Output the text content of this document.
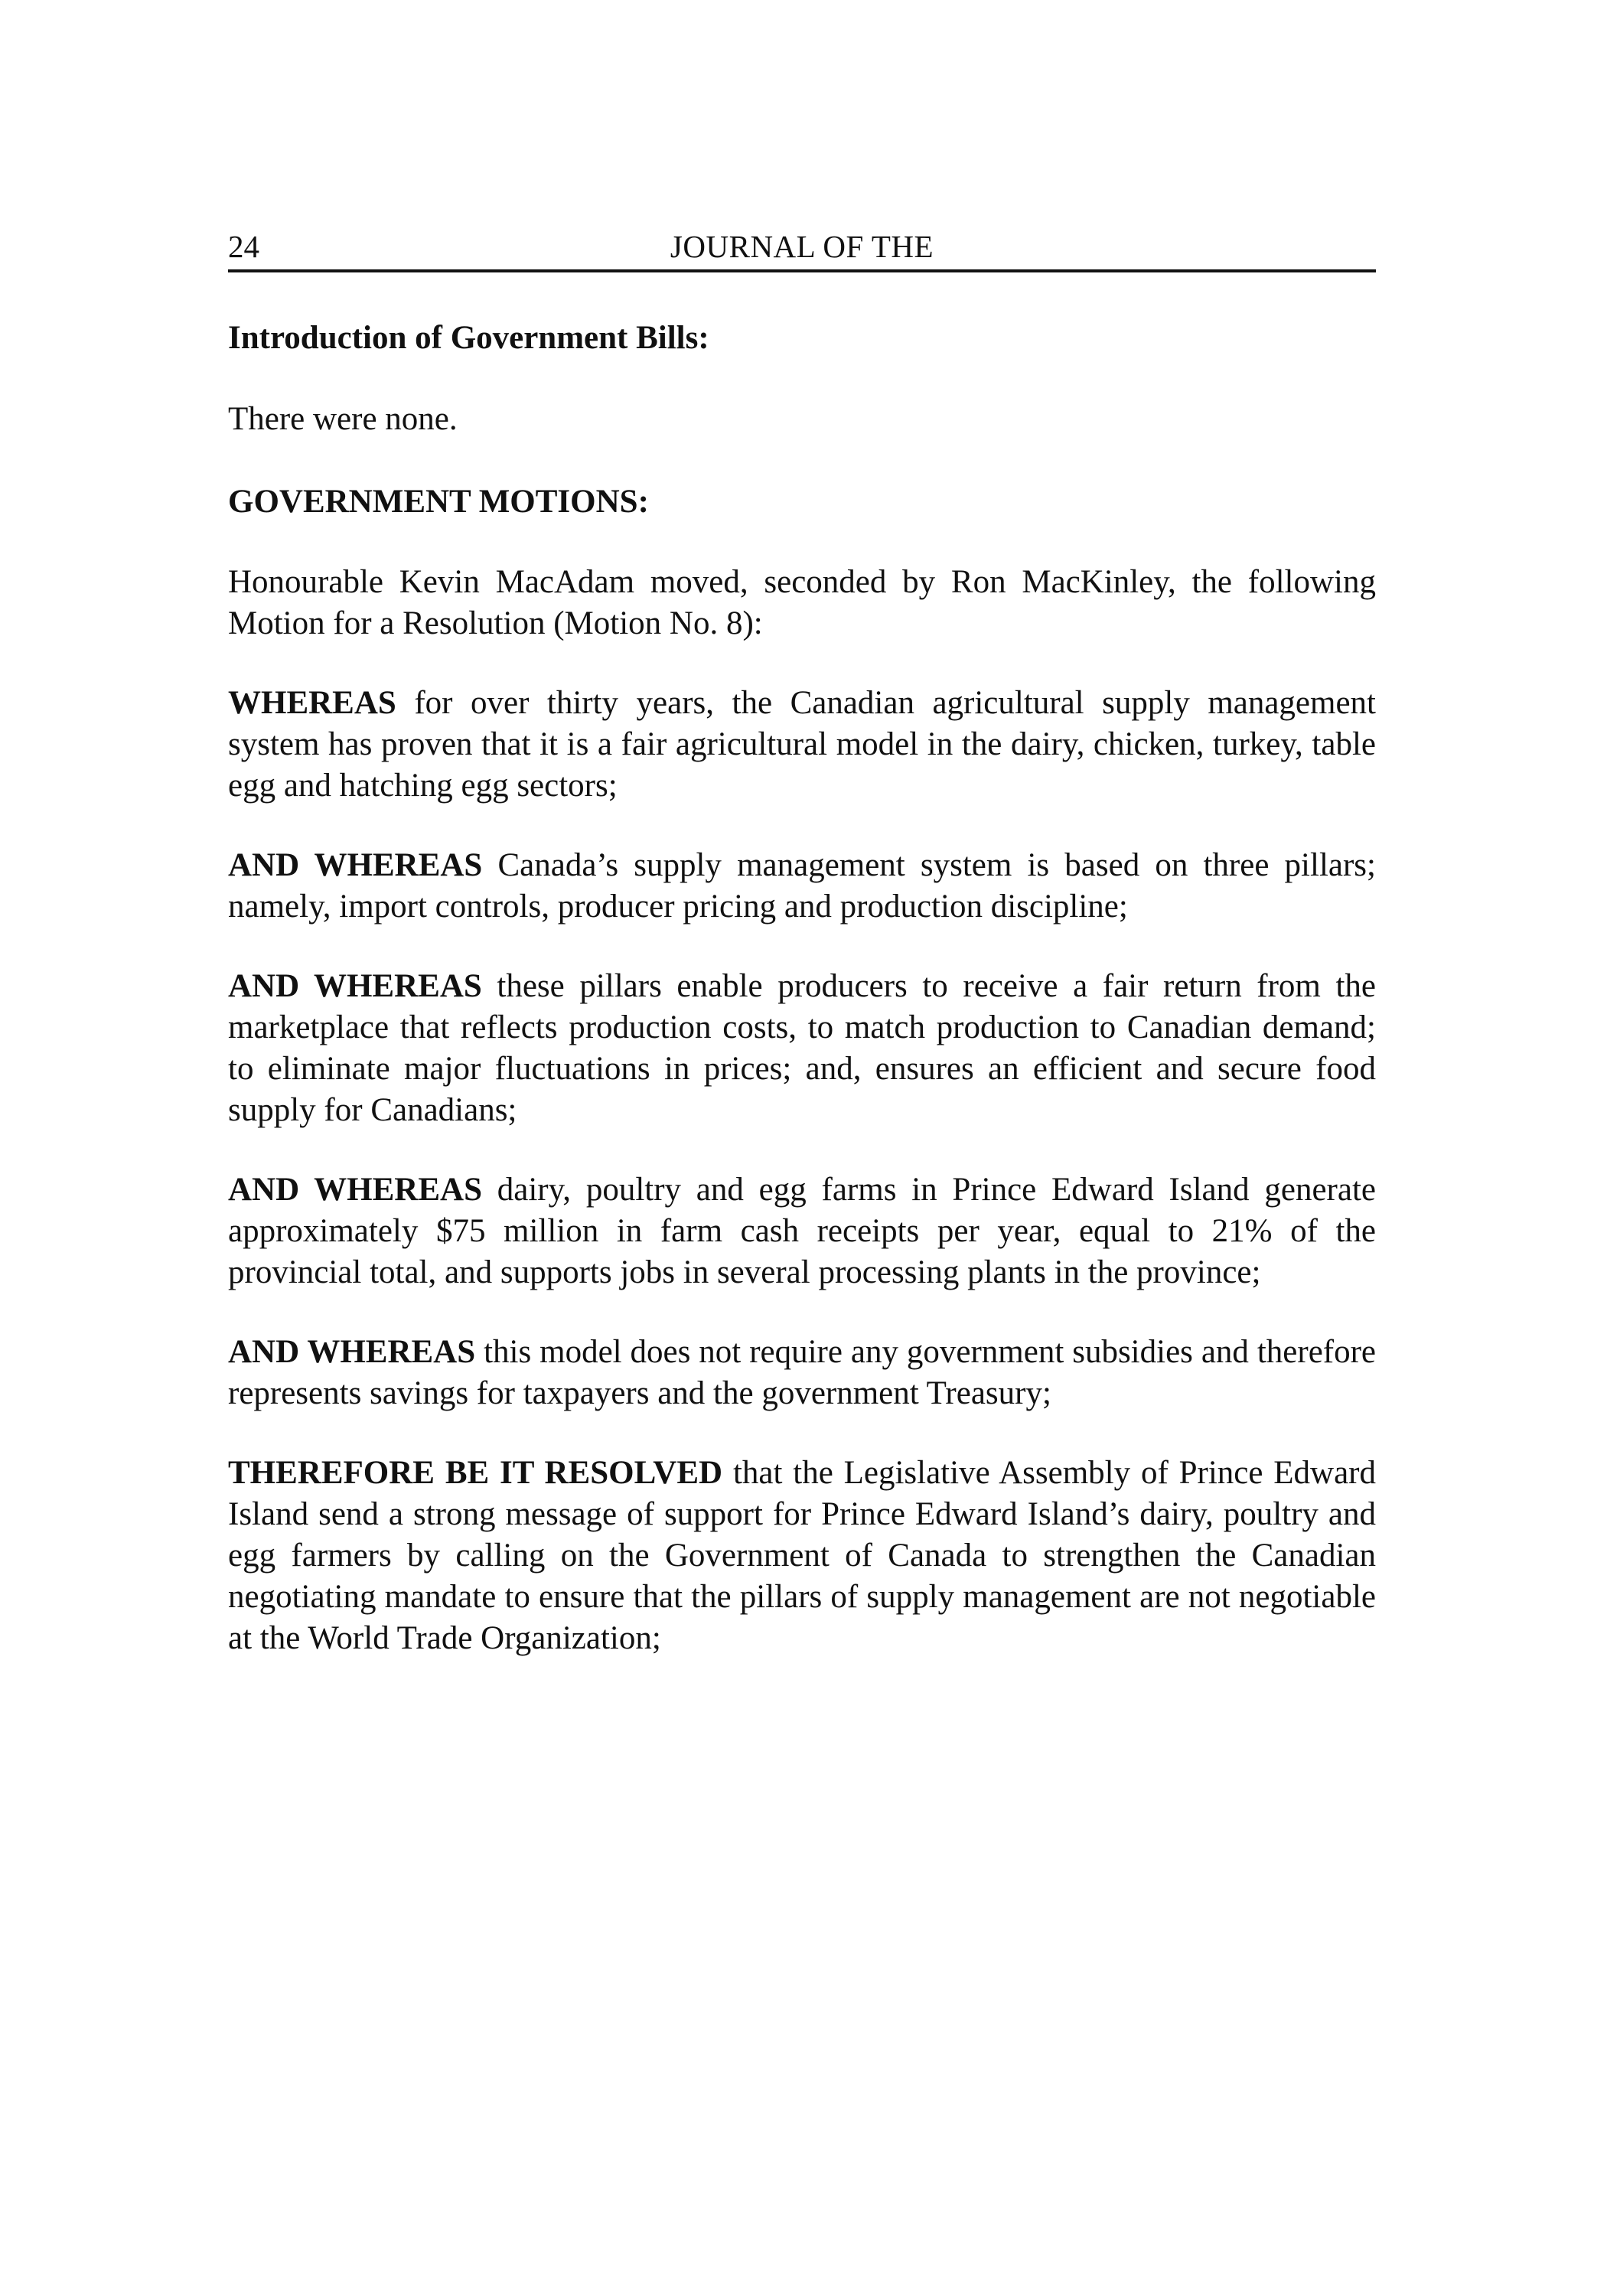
24	JOURNAL OF THE

Introduction of Government Bills:

There were none.

GOVERNMENT MOTIONS:

Honourable Kevin MacAdam moved, seconded by Ron MacKinley, the following Motion for a Resolution (Motion No. 8):

WHEREAS for over thirty years, the Canadian agricultural supply management system has proven that it is a fair agricultural model in the dairy, chicken, turkey, table egg and hatching egg sectors;

AND WHEREAS Canada’s supply management system is based on three pillars; namely, import controls, producer pricing and production discipline;

AND WHEREAS these pillars enable producers to receive a fair return from the marketplace that reflects production costs, to match production to Canadian demand; to eliminate major fluctuations in prices; and, ensures an efficient and secure food supply for Canadians;

AND WHEREAS dairy, poultry and egg farms in Prince Edward Island generate approximately $75 million in farm cash receipts per year, equal to 21% of the provincial total, and supports jobs in several processing plants in the province;

AND WHEREAS this model does not require any government subsidies and therefore represents savings for taxpayers and the government Treasury;

THEREFORE BE IT RESOLVED that the Legislative Assembly of Prince Edward Island send a strong message of support for Prince Edward Island’s dairy, poultry and egg farmers by calling on the Government of Canada to strengthen the Canadian negotiating mandate to ensure that the pillars of supply management are not negotiable at the World Trade Organization;
